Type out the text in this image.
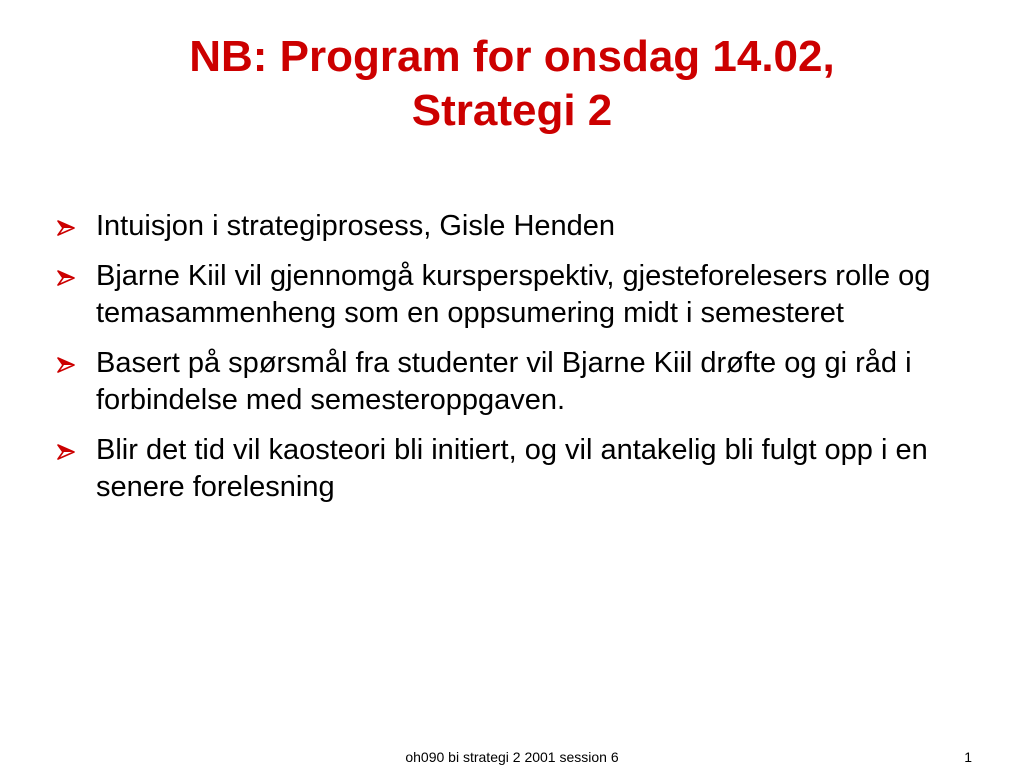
NB: Program for onsdag 14.02,
Strategi 2
Intuisjon i strategiprosess, Gisle Henden
Bjarne Kiil vil gjennomgå kursperspektiv, gjesteforelesers rolle og temasammenheng som en oppsumering midt i semesteret
Basert på spørsmål fra studenter vil Bjarne Kiil drøfte og gi råd i forbindelse med semesteroppgaven.
Blir det tid vil kaosteori bli initiert, og vil antakelig bli fulgt opp i en senere forelesning
oh090 bi strategi 2 2001 session 6	1
